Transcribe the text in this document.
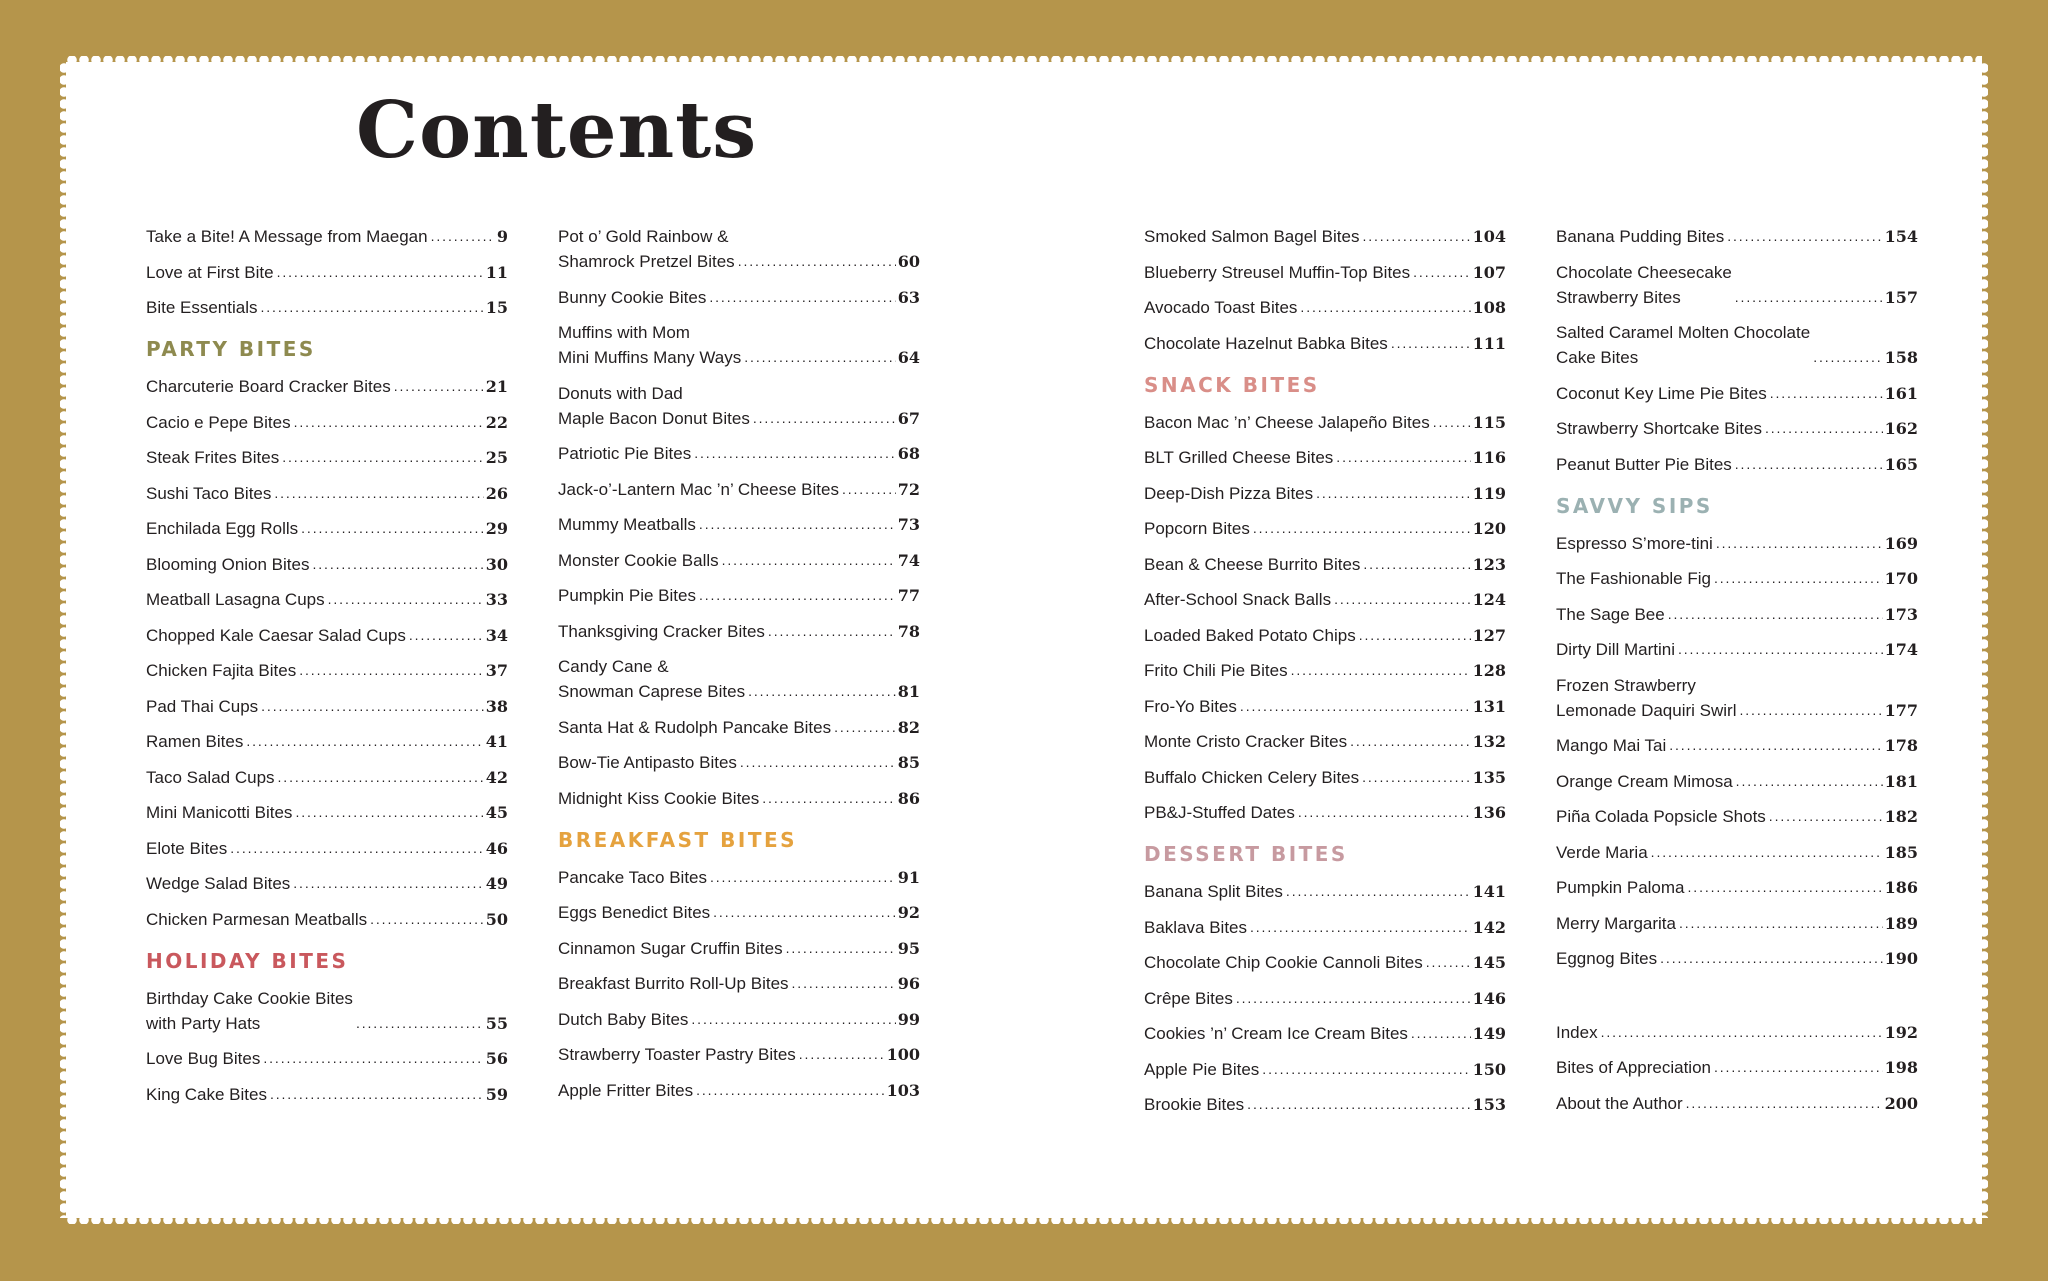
Contents
Take a Bite! A Message from Maegan . . .	9
Love at First Bite . . .	11
Bite Essentials . . .	15
PARTY BITES
Charcuterie Board Cracker Bites . . .	21
Cacio e Pepe Bites . . .	22
Steak Frites Bites . . .	25
Sushi Taco Bites . . .	26
Enchilada Egg Rolls . . .	29
Blooming Onion Bites . . .	30
Meatball Lasagna Cups . . .	33
Chopped Kale Caesar Salad Cups . . .	34
Chicken Fajita Bites . . .	37
Pad Thai Cups . . .	38
Ramen Bites . . .	41
Taco Salad Cups . . .	42
Mini Manicotti Bites . . .	45
Elote Bites . . .	46
Wedge Salad Bites . . .	49
Chicken Parmesan Meatballs . . .	50
HOLIDAY BITES
Birthday Cake Cookie Bites
with Party Hats . . .	55
Love Bug Bites . . .	56
King Cake Bites . . .	59
Pot o’ Gold Rainbow &
Shamrock Pretzel Bites . . .	60
Bunny Cookie Bites . . .	63
Muffins with Mom
Mini Muffins Many Ways . . .	64
Donuts with Dad
Maple Bacon Donut Bites . . .	67
Patriotic Pie Bites . . .	68
Jack-o’-Lantern Mac ’n’ Cheese Bites . . .	72
Mummy Meatballs . . .	73
Monster Cookie Balls . . .	74
Pumpkin Pie Bites . . .	77
Thanksgiving Cracker Bites . . .	78
Candy Cane &
Snowman Caprese Bites . . .	81
Santa Hat & Rudolph Pancake Bites . . .	82
Bow-Tie Antipasto Bites . . .	85
Midnight Kiss Cookie Bites . . .	86
BREAKFAST BITES
Pancake Taco Bites . . .	91
Eggs Benedict Bites . . .	92
Cinnamon Sugar Cruffin Bites . . .	95
Breakfast Burrito Roll-Up Bites . . .	96
Dutch Baby Bites . . .	99
Strawberry Toaster Pastry Bites . . .	100
Apple Fritter Bites . . .	103
Smoked Salmon Bagel Bites . . .	104
Blueberry Streusel Muffin-Top Bites . . .	107
Avocado Toast Bites . . .	108
Chocolate Hazelnut Babka Bites . . .	111
SNACK BITES
Bacon Mac ’n’ Cheese Jalapeño Bites . . .	115
BLT Grilled Cheese Bites . . .	116
Deep-Dish Pizza Bites . . .	119
Popcorn Bites . . .	120
Bean & Cheese Burrito Bites . . .	123
After-School Snack Balls . . .	124
Loaded Baked Potato Chips . . .	127
Frito Chili Pie Bites . . .	128
Fro-Yo Bites . . .	131
Monte Cristo Cracker Bites . . .	132
Buffalo Chicken Celery Bites . . .	135
PB&J-Stuffed Dates . . .	136
DESSERT BITES
Banana Split Bites . . .	141
Baklava Bites . . .	142
Chocolate Chip Cookie Cannoli Bites . . .	145
Crêpe Bites . . .	146
Cookies ’n’ Cream Ice Cream Bites . . .	149
Apple Pie Bites . . .	150
Brookie Bites . . .	153
Banana Pudding Bites . . .	154
Chocolate Cheesecake
Strawberry Bites . . .	157
Salted Caramel Molten Chocolate
Cake Bites . . .	158
Coconut Key Lime Pie Bites . . .	161
Strawberry Shortcake Bites . . .	162
Peanut Butter Pie Bites . . .	165
SAVVY SIPS
Espresso S’more-tini . . .	169
The Fashionable Fig . . .	170
The Sage Bee . . .	173
Dirty Dill Martini . . .	174
Frozen Strawberry
Lemonade Daquiri Swirl . . .	177
Mango Mai Tai . . .	178
Orange Cream Mimosa . . .	181
Piña Colada Popsicle Shots . . .	182
Verde Maria . . .	185
Pumpkin Paloma . . .	186
Merry Margarita . . .	189
Eggnog Bites . . .	190
Index . . .	192
Bites of Appreciation . . .	198
About the Author . . .	200
